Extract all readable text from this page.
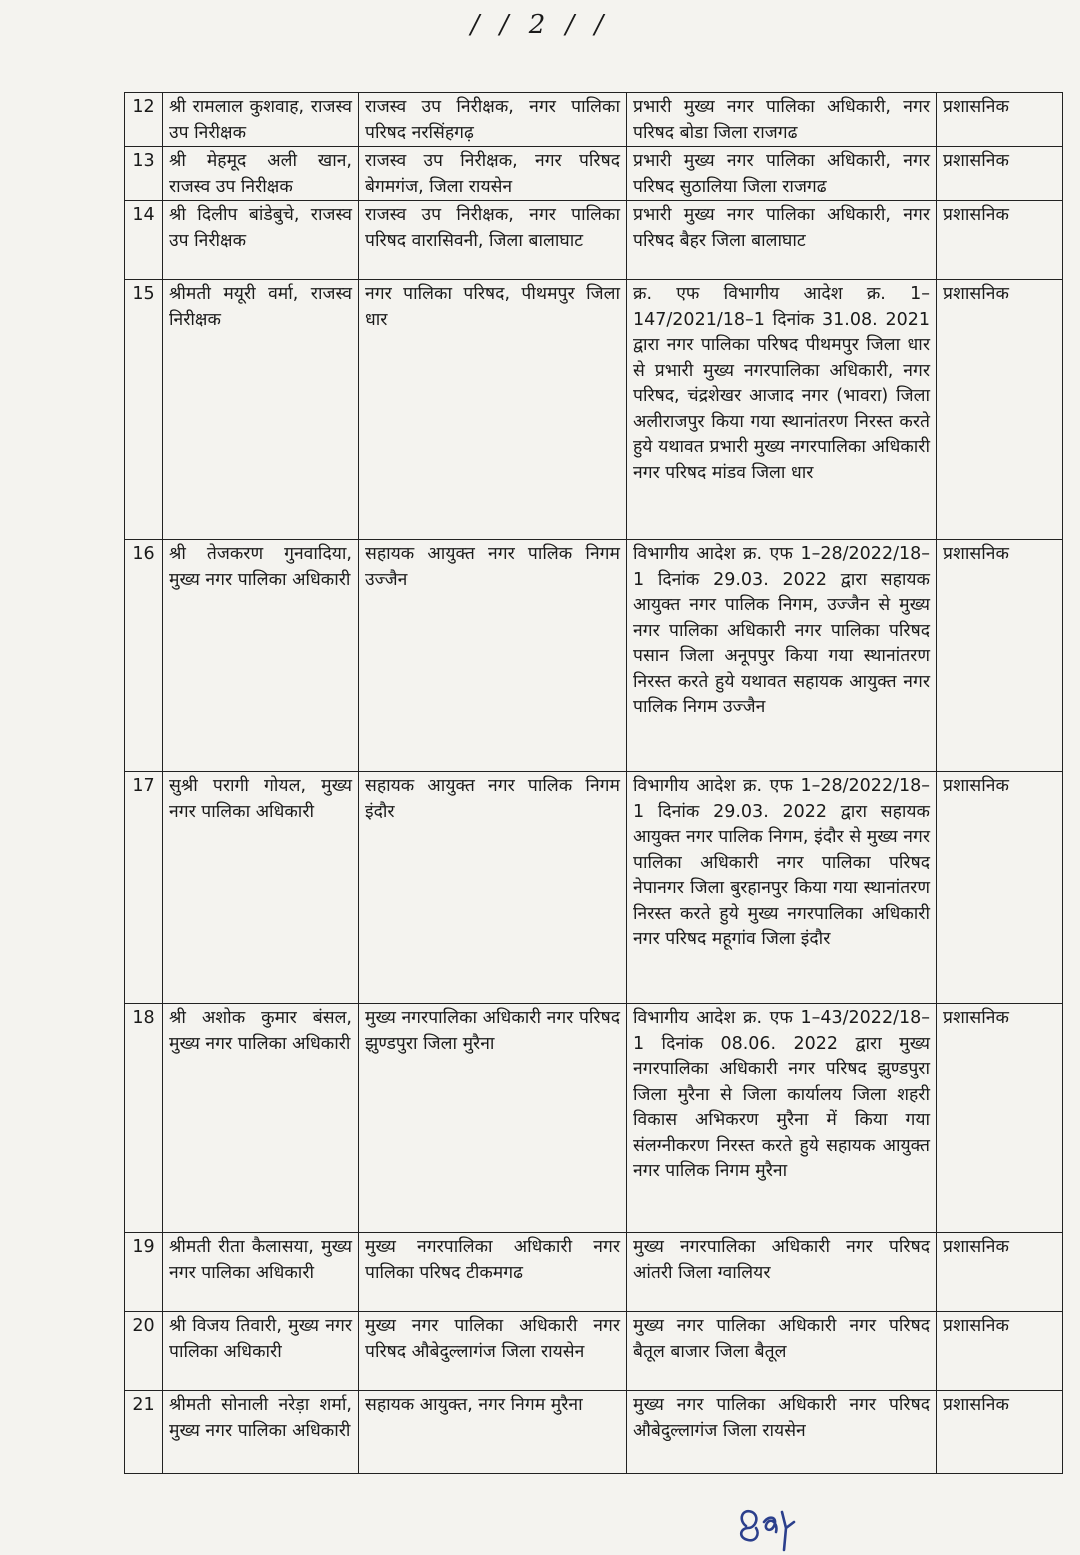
/ / 2 / /
12	श्री रामलाल कुशवाह, राजस्व उप निरीक्षक	राजस्व उप निरीक्षक, नगर पालिका परिषद नरसिंहगढ़	प्रभारी मुख्य नगर पालिका अधिकारी, नगर परिषद बोडा जिला राजगढ	प्रशासनिक
13	श्री मेहमूद अली खान, राजस्व उप निरीक्षक	राजस्व उप निरीक्षक, नगर परिषद बेगमगंज, जिला रायसेन	प्रभारी मुख्य नगर पालिका अधिकारी, नगर परिषद सुठालिया जिला राजगढ	प्रशासनिक
14	श्री दिलीप बांडेबुचे, राजस्व उप निरीक्षक	राजस्व उप निरीक्षक, नगर पालिका परिषद वारासिवनी, जिला बालाघाट	प्रभारी मुख्य नगर पालिका अधिकारी, नगर परिषद बैहर जिला बालाघाट	प्रशासनिक
15	श्रीमती मयूरी वर्मा, राजस्व निरीक्षक	नगर पालिका परिषद, पीथमपुर जिला धार	क्र. एफ विभागीय आदेश क्र. 1–147/2021/18–1 दिनांक 31.08. 2021 द्वारा नगर पालिका परिषद पीथमपुर जिला धार से प्रभारी मुख्य नगरपालिका अधिकारी, नगर परिषद, चंद्रशेखर आजाद नगर (भावरा) जिला अलीराजपुर किया गया स्थानांतरण निरस्त करते हुये यथावत प्रभारी मुख्य नगरपालिका अधिकारी नगर परिषद मांडव जिला धार	प्रशासनिक
16	श्री तेजकरण गुनवादिया, मुख्य नगर पालिका अधिकारी	सहायक आयुक्त नगर पालिक निगम उज्जैन	विभागीय आदेश क्र. एफ 1–28/2022/18–1 दिनांक 29.03. 2022 द्वारा सहायक आयुक्त नगर पालिक निगम, उज्जैन से मुख्य नगर पालिका अधिकारी नगर पालिका परिषद पसान जिला अनूपपुर किया गया स्थानांतरण निरस्त करते हुये यथावत सहायक आयुक्त नगर पालिक निगम उज्जैन	प्रशासनिक
17	सुश्री परागी गोयल, मुख्य नगर पालिका अधिकारी	सहायक आयुक्त नगर पालिक निगम इंदौर	विभागीय आदेश क्र. एफ 1–28/2022/18–1 दिनांक 29.03. 2022 द्वारा सहायक आयुक्त नगर पालिक निगम, इंदौर से मुख्य नगर पालिका अधिकारी नगर पालिका परिषद नेपानगर जिला बुरहानपुर किया गया स्थानांतरण निरस्त करते हुये मुख्य नगरपालिका अधिकारी नगर परिषद महूगांव जिला इंदौर	प्रशासनिक
18	श्री अशोक कुमार बंसल, मुख्य नगर पालिका अधिकारी	मुख्य नगरपालिका अधिकारी नगर परिषद झुण्डपुरा जिला मुरैना	विभागीय आदेश क्र. एफ 1–43/2022/18–1 दिनांक 08.06. 2022 द्वारा मुख्य नगरपालिका अधिकारी नगर परिषद झुण्डपुरा जिला मुरैना से जिला कार्यालय जिला शहरी विकास अभिकरण मुरैना में किया गया संलग्नीकरण निरस्त करते हुये सहायक आयुक्त नगर पालिक निगम मुरैना	प्रशासनिक
19	श्रीमती रीता कैलासया, मुख्य नगर पालिका अधिकारी	मुख्य नगरपालिका अधिकारी नगर पालिका परिषद टीकमगढ	मुख्य नगरपालिका अधिकारी नगर परिषद आंतरी जिला ग्वालियर	प्रशासनिक
20	श्री विजय तिवारी, मुख्य नगर पालिका अधिकारी	मुख्य नगर पालिका अधिकारी नगर परिषद औबेदुल्लागंज जिला रायसेन	मुख्य नगर पालिका अधिकारी नगर परिषद बैतूल बाजार जिला बैतूल	प्रशासनिक
21	श्रीमती सोनाली नरेड़ा शर्मा, मुख्य नगर पालिका अधिकारी	सहायक आयुक्त, नगर निगम मुरैना	मुख्य नगर पालिका अधिकारी नगर परिषद औबेदुल्लागंज जिला रायसेन	प्रशासनिक
